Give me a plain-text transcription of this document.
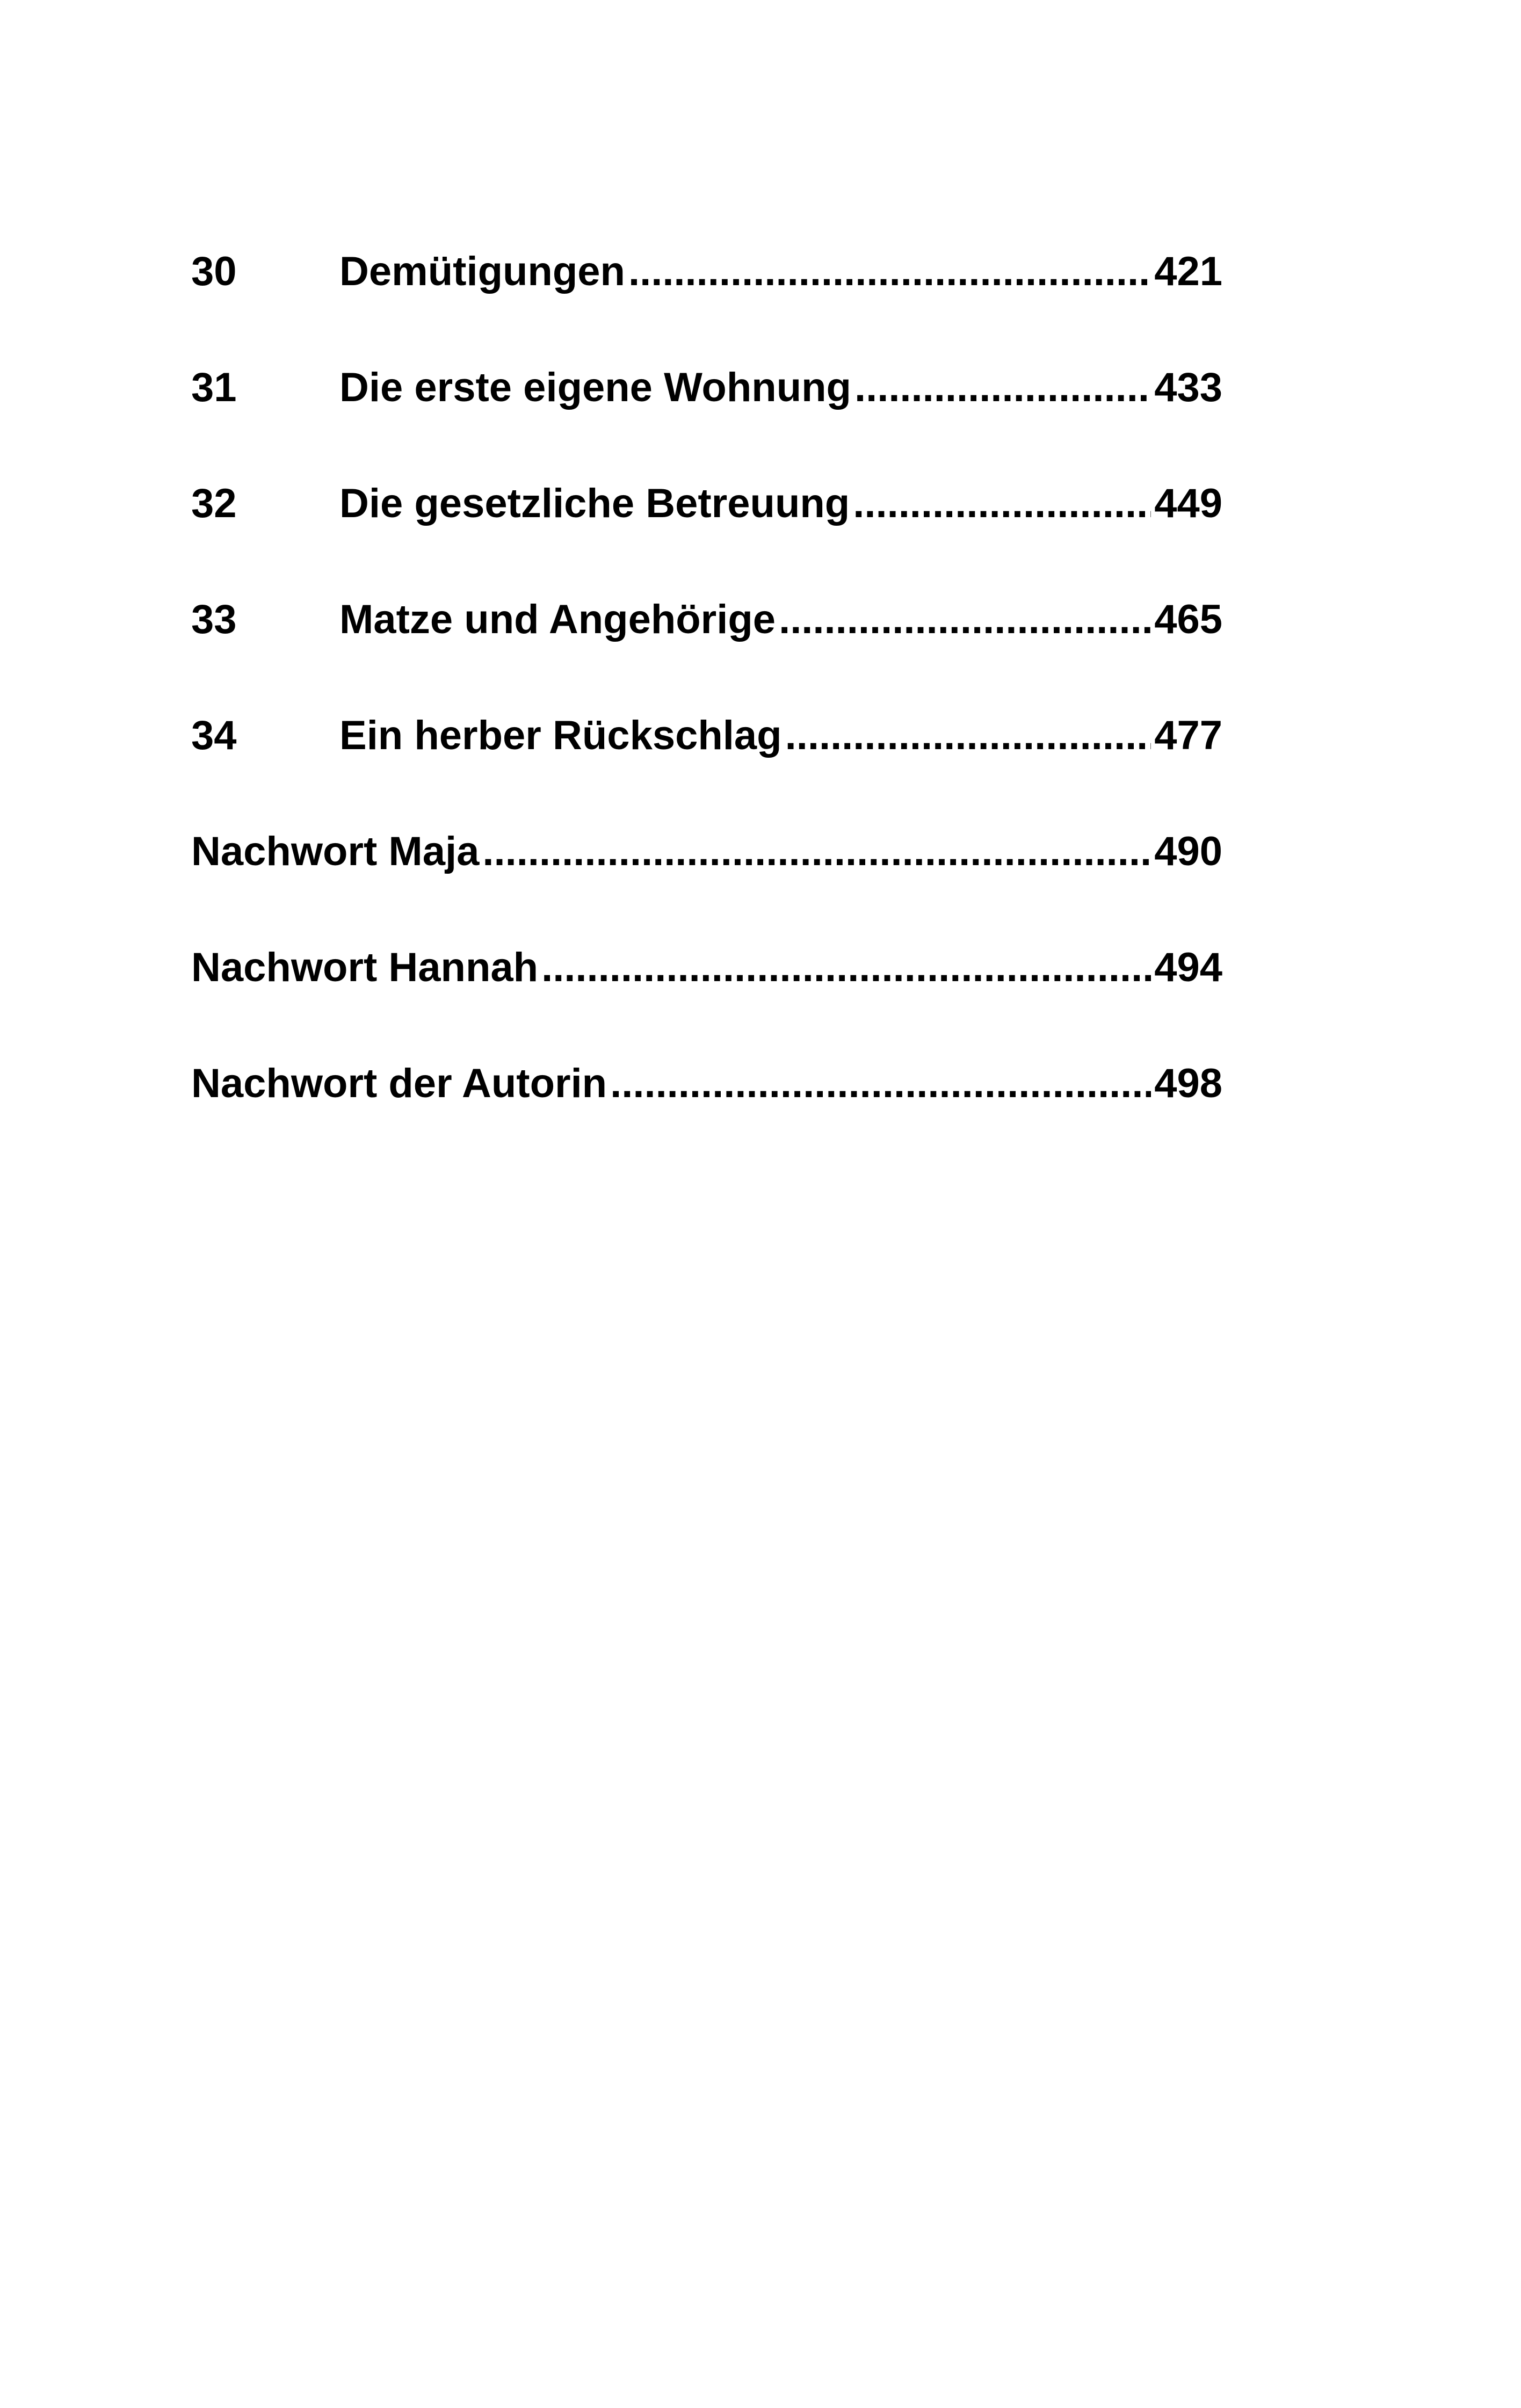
30	Demütigungen .....	421
31	Die erste eigene Wohnung .....	433
32	Die gesetzliche Betreuung .....	449
33	Matze und Angehörige .....	465
34	Ein herber Rückschlag .....	477
Nachwort Maja .....	490
Nachwort Hannah .....	494
Nachwort der Autorin .....	498
